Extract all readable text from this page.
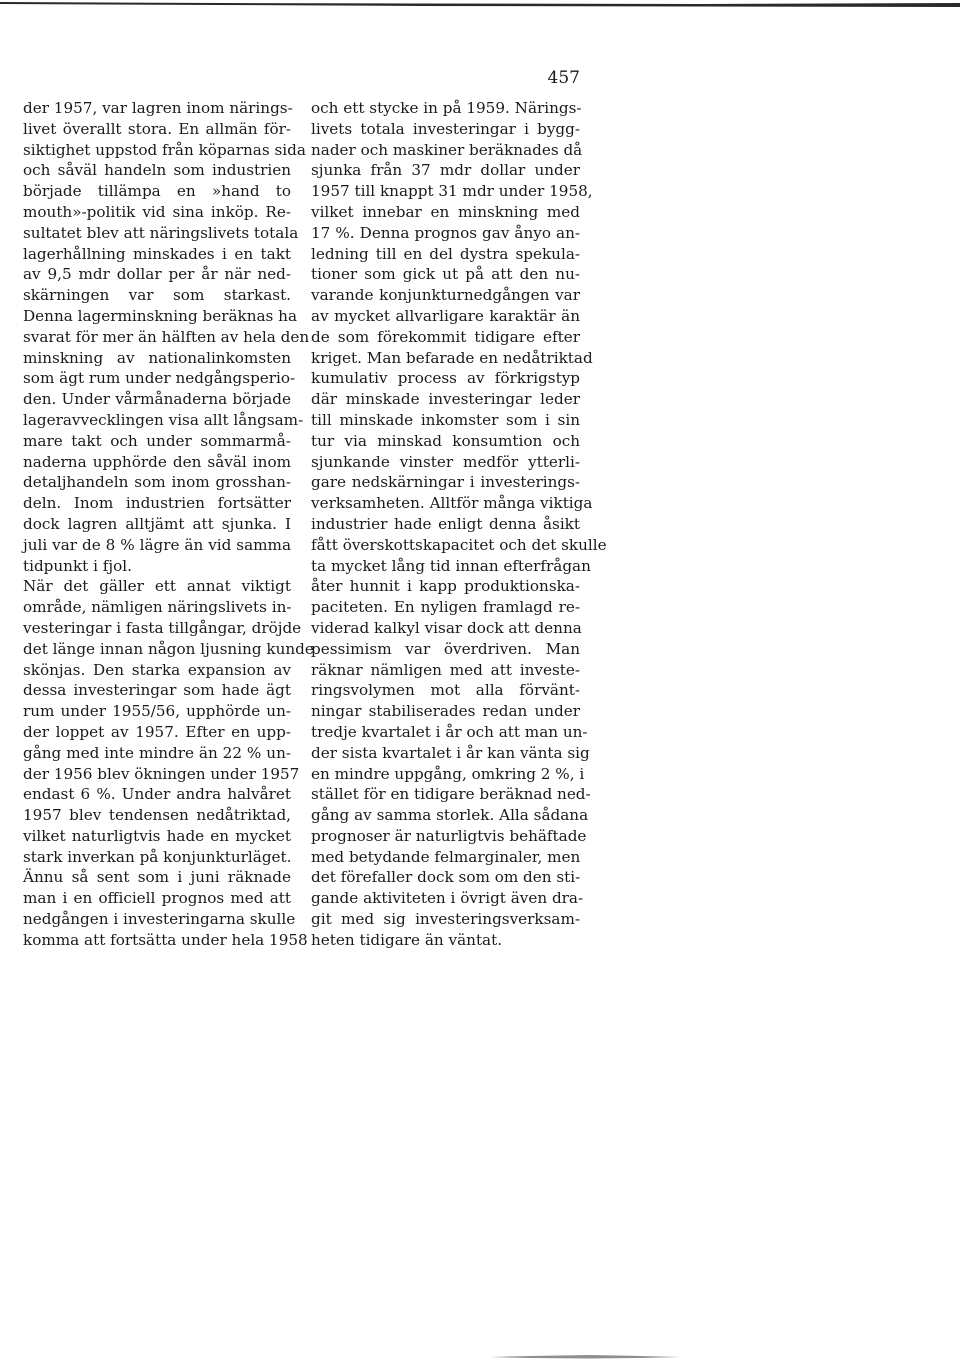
457
der 1957, var lagren inom närings-
livet överallt stora. En allmän för-
siktighet uppstod från köparnas sida
och såväl handeln som industrien
började tillämpa en »hand to
mouth»-politik vid sina inköp. Re-
sultatet blev att näringslivets totala
lagerhållning minskades i en takt
av 9,5 mdr dollar per år när ned-
skärningen var som starkast.
Denna lagerminskning beräknas ha
svarat för mer än hälften av hela den
minskning av nationalinkomsten
som ägt rum under nedgångsperio-
den. Under vårmånaderna började
lageravvecklingen visa allt långsam-
mare takt och under sommarmå-
naderna upphörde den såväl inom
detaljhandeln som inom grosshan-
deln. Inom industrien fortsätter
dock lagren alltjämt att sjunka. I
juli var de 8 % lägre än vid samma
tidpunkt i fjol.
När det gäller ett annat viktigt
område, nämligen näringslivets in-
vesteringar i fasta tillgångar, dröjde
det länge innan någon ljusning kunde
skönjas. Den starka expansion av
dessa investeringar som hade ägt
rum under 1955/56, upphörde un-
der loppet av 1957. Efter en upp-
gång med inte mindre än 22 % un-
der 1956 blev ökningen under 1957
endast 6 %. Under andra halvåret
1957 blev tendensen nedåtriktad,
vilket naturligtvis hade en mycket
stark inverkan på konjunkturläget.
Ännu så sent som i juni räknade
man i en officiell prognos med att
nedgången i investeringarna skulle
komma att fortsätta under hela 1958
och ett stycke in på 1959. Närings-
livets totala investeringar i bygg-
nader och maskiner beräknades då
sjunka från 37 mdr dollar under
1957 till knappt 31 mdr under 1958,
vilket innebar en minskning med
17 %. Denna prognos gav ånyo an-
ledning till en del dystra spekula-
tioner som gick ut på att den nu-
varande konjunkturnedgången var
av mycket allvarligare karaktär än
de som förekommit tidigare efter
kriget. Man befarade en nedåtriktad
kumulativ process av förkrigstyp
där minskade investeringar leder
till minskade inkomster som i sin
tur via minskad konsumtion och
sjunkande vinster medför ytterli-
gare nedskärningar i investerings-
verksamheten. Alltför många viktiga
industrier hade enligt denna åsikt
fått överskottskapacitet och det skulle
ta mycket lång tid innan efterfrågan
åter hunnit i kapp produktionska-
paciteten. En nyligen framlagd re-
viderad kalkyl visar dock att denna
pessimism var överdriven. Man
räknar nämligen med att investe-
ringsvolymen mot alla förvänt-
ningar stabiliserades redan under
tredje kvartalet i år och att man un-
der sista kvartalet i år kan vänta sig
en mindre uppgång, omkring 2 %, i
stället för en tidigare beräknad ned-
gång av samma storlek. Alla sådana
prognoser är naturligtvis behäftade
med betydande felmarginaler, men
det förefaller dock som om den sti-
gande aktiviteten i övrigt även dra-
git med sig investeringsverksam-
heten tidigare än väntat.
